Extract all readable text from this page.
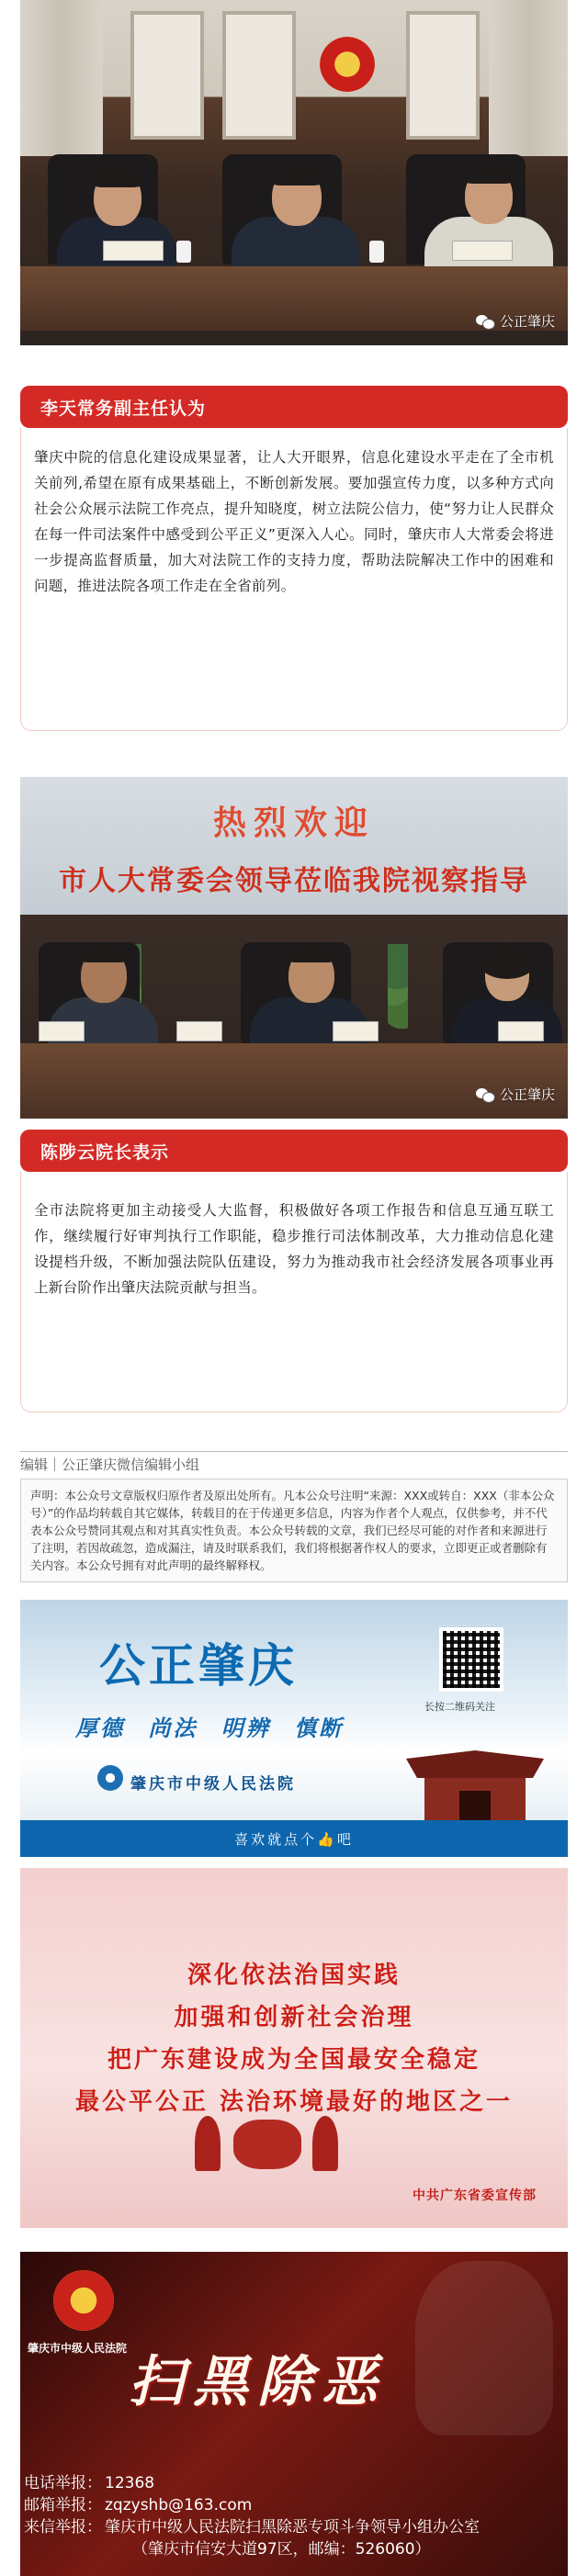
公正肇庆
李天常务副主任认为

肇庆中院的信息化建设成果显著，让人大开眼界，信息化建设水平走在了全市机关前列,希望在原有成果基础上，不断创新发展。要加强宣传力度，以多种方式向社会公众展示法院工作亮点，提升知晓度，树立法院公信力，使“努力让人民群众在每一件司法案件中感受到公平正义”更深入人心。同时，肇庆市人大常委会将进一步提高监督质量，加大对法院工作的支持力度，帮助法院解决工作中的困难和问题，推进法院各项工作走在全省前列。

热烈欢迎
市人大常委会领导莅临我院视察指导
公正肇庆
陈陟云院长表示

全市法院将更加主动接受人大监督，积极做好各项工作报告和信息互通互联工作，继续履行好审判执行工作职能，稳步推行司法体制改革，大力推动信息化建设提档升级，不断加强法院队伍建设，努力为推动我市社会经济发展各项事业再上新台阶作出肇庆法院贡献与担当。

编辑｜公正肇庆微信编辑小组
声明：本公众号文章版权归原作者及原出处所有。凡本公众号注明“来源：XXX或转自：XXX（非本公众号）”的作品均转载自其它媒体，转载目的在于传递更多信息，内容为作者个人观点，仅供参考，并不代表本公众号赞同其观点和对其真实性负责。本公众号转载的文章，我们已经尽可能的对作者和来源进行了注明，若因故疏忽，造成漏注，请及时联系我们，我们将根据著作权人的要求，立即更正或者删除有关内容。本公众号拥有对此声明的最终解释权。
公正肇庆
长按二维码关注
厚德 尚法 明辨 慎断
肇庆市中级人民法院
喜欢就点个👍吧
深化依法治国实践
加强和创新社会治理
把广东建设成为全国最安全稳定
最公平公正 法治环境最好的地区之一
中共广东省委宣传部
肇庆市中级人民法院
扫黑除恶
电话举报： 12368
邮箱举报： zqzyshb@163.com
来信举报： 肇庆市中级人民法院扫黑除恶专项斗争领导小组办公室
（肇庆市信安大道97区，邮编：526060）
